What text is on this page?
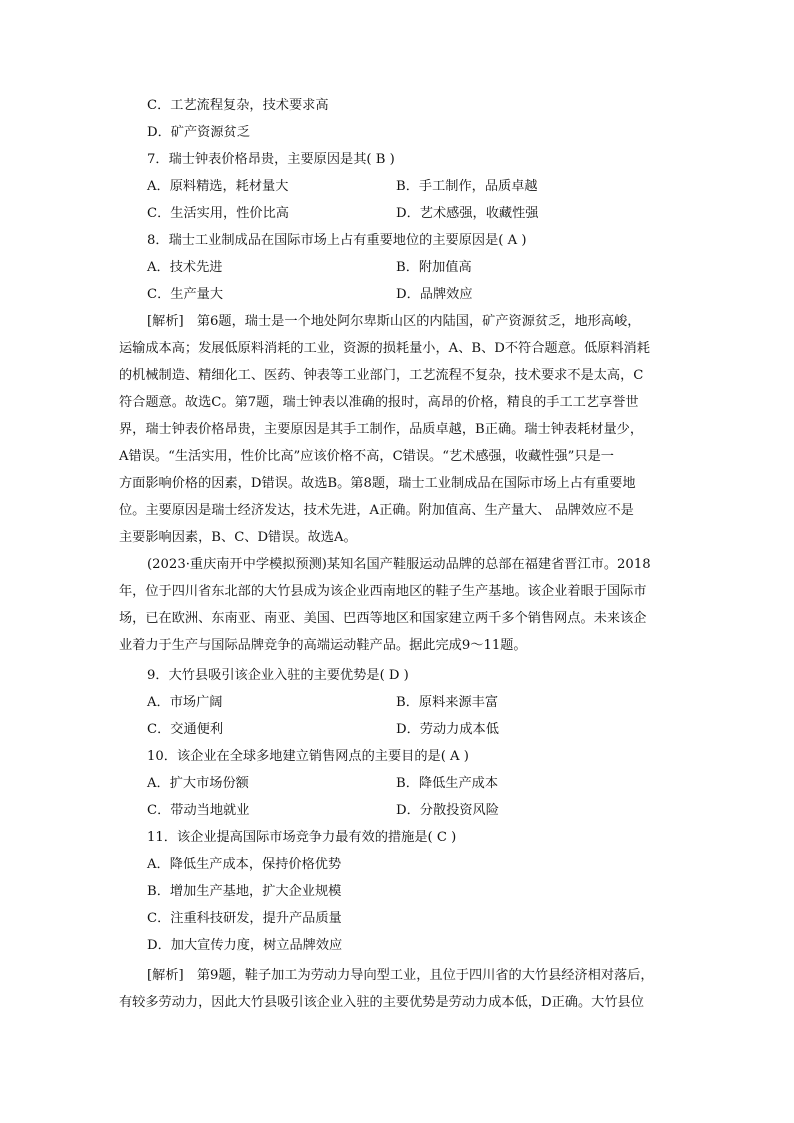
C．工艺流程复杂，技术要求高
D．矿产资源贫乏
7．瑞士钟表价格昂贵，主要原因是其( B )
A．原料精选，耗材量大	B．手工制作，品质卓越
C．生活实用，性价比高	D．艺术感强，收藏性强
8．瑞士工业制成品在国际市场上占有重要地位的主要原因是( A )
A．技术先进	B．附加值高
C．生产量大	D．品牌效应
[解析]　第6题，瑞士是一个地处阿尔卑斯山区的内陆国，矿产资源贫乏，地形高峻，
运输成本高；发展低原料消耗的工业，资源的损耗量小，A、B、D不符合题意。低原料消耗
的机械制造、精细化工、医药、钟表等工业部门，工艺流程不复杂，技术要求不是太高，C
符合题意。故选C。第7题，瑞士钟表以准确的报时，高昂的价格，精良的手工工艺享誉世
界，瑞士钟表价格昂贵，主要原因是其手工制作，品质卓越，B正确。瑞士钟表耗材量少，
A错误。“生活实用，性价比高”应该价格不高，C错误。“艺术感强，收藏性强”只是一
方面影响价格的因素，D错误。故选B。第8题，瑞士工业制成品在国际市场上占有重要地
位。主要原因是瑞士经济发达，技术先进，A正确。附加值高、生产量大、 品牌效应不是
主要影响因素，B、C、D错误。故选A。
(2023·重庆南开中学模拟预测)某知名国产鞋服运动品牌的总部在福建省晋江市。2018
年，位于四川省东北部的大竹县成为该企业西南地区的鞋子生产基地。该企业着眼于国际市
场，已在欧洲、东南亚、南亚、美国、巴西等地区和国家建立两千多个销售网点。未来该企
业着力于生产与国际品牌竞争的高端运动鞋产品。据此完成9～11题。
9．大竹县吸引该企业入驻的主要优势是( D )
A．市场广阔	B．原料来源丰富
C．交通便利	D．劳动力成本低
10．该企业在全球多地建立销售网点的主要目的是( A )
A．扩大市场份额	B．降低生产成本
C．带动当地就业	D．分散投资风险
11．该企业提高国际市场竞争力最有效的措施是( C )
A．降低生产成本，保持价格优势
B．增加生产基地，扩大企业规模
C．注重科技研发，提升产品质量
D．加大宣传力度，树立品牌效应
[解析]　第9题，鞋子加工为劳动力导向型工业，且位于四川省的大竹县经济相对落后，
有较多劳动力，因此大竹县吸引该企业入驻的主要优势是劳动力成本低，D正确。大竹县位
